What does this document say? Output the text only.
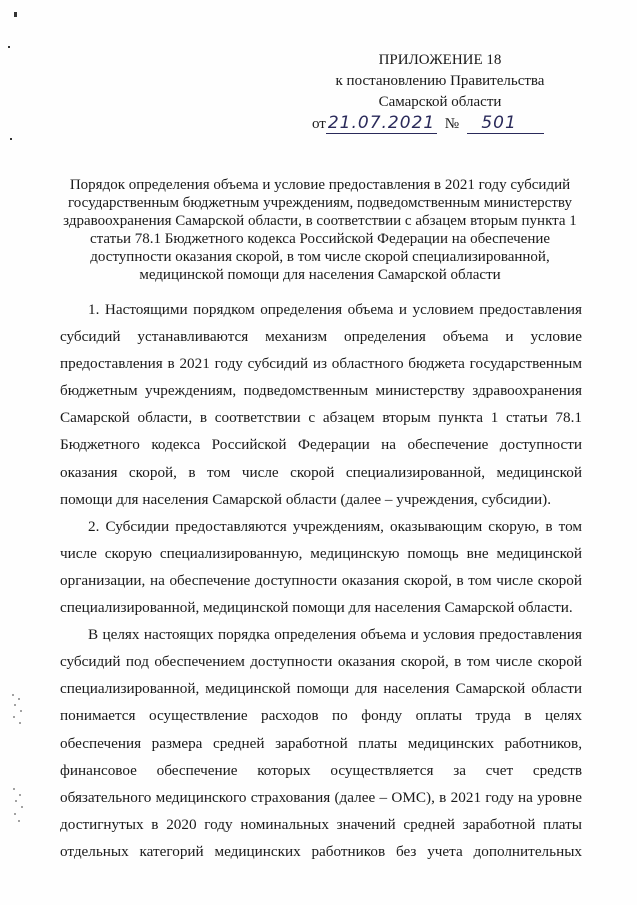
ПРИЛОЖЕНИЕ 18
к постановлению Правительства
Самарской области
от 21.07.2021 № 501
Порядок определения объема и условие предоставления в 2021 году субсидий
государственным бюджетным учреждениям, подведомственным министерству
здравоохранения Самарской области, в соответствии с абзацем вторым пункта 1
статьи 78.1 Бюджетного кодекса Российской Федерации на обеспечение
доступности оказания скорой, в том числе скорой специализированной,
медицинской помощи для населения Самарской области
1. Настоящими порядком определения объема и условием предоставления
субсидий устанавливаются механизм определения объема и условие
предоставления в 2021 году субсидий из областного бюджета государственным
бюджетным учреждениям, подведомственным министерству здравоохранения
Самарской области, в соответствии с абзацем вторым пункта 1 статьи 78.1
Бюджетного кодекса Российской Федерации на обеспечение доступности
оказания скорой, в том числе скорой специализированной, медицинской
помощи для населения Самарской области (далее – учреждения, субсидии).
2. Субсидии предоставляются учреждениям, оказывающим скорую, в том
числе скорую специализированную, медицинскую помощь вне медицинской
организации, на обеспечение доступности оказания скорой, в том числе скорой
специализированной, медицинской помощи для населения Самарской области.
В целях настоящих порядка определения объема и условия предоставления
субсидий под обеспечением доступности оказания скорой, в том числе скорой
специализированной, медицинской помощи для населения Самарской области
понимается осуществление расходов по фонду оплаты труда в целях
обеспечения размера средней заработной платы медицинских работников,
финансовое обеспечение которых осуществляется за счет средств
обязательного медицинского страхования (далее – ОМС), в 2021 году на уровне
достигнутых в 2020 году номинальных значений средней заработной платы
отдельных категорий медицинских работников без учета дополнительных
